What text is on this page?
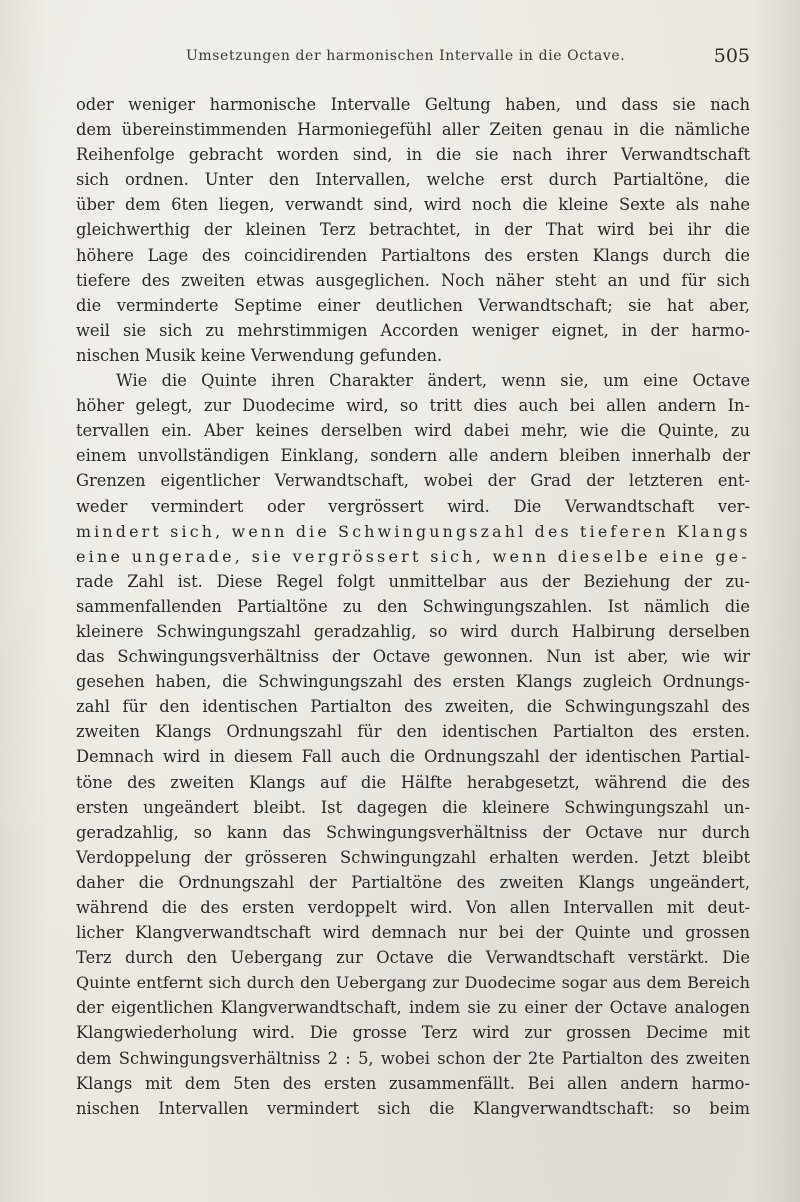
Umsetzungen der harmonischen Intervalle in die Octave.	505
oder weniger harmonische Intervalle Geltung haben, und dass sie nach
dem übereinstimmenden Harmoniegefühl aller Zeiten genau in die nämliche
Reihenfolge gebracht worden sind, in die sie nach ihrer Verwandtschaft
sich ordnen. Unter den Intervallen, welche erst durch Partialtöne, die
über dem 6ten liegen, verwandt sind, wird noch die kleine Sexte als nahe
gleichwerthig der kleinen Terz betrachtet, in der That wird bei ihr die
höhere Lage des coincidirenden Partialtons des ersten Klangs durch die
tiefere des zweiten etwas ausgeglichen. Noch näher steht an und für sich
die verminderte Septime einer deutlichen Verwandtschaft; sie hat aber,
weil sie sich zu mehrstimmigen Accorden weniger eignet, in der harmo-
nischen Musik keine Verwendung gefunden.
Wie die Quinte ihren Charakter ändert, wenn sie, um eine Octave
höher gelegt, zur Duodecime wird, so tritt dies auch bei allen andern In-
tervallen ein. Aber keines derselben wird dabei mehr, wie die Quinte, zu
einem unvollständigen Einklang, sondern alle andern bleiben innerhalb der
Grenzen eigentlicher Verwandtschaft, wobei der Grad der letzteren ent-
weder vermindert oder vergrössert wird. Die Verwandtschaft ver-
mindert sich, wenn die Schwingungszahl des tieferen Klangs
eine ungerade, sie vergrössert sich, wenn dieselbe eine ge-
rade Zahl ist. Diese Regel folgt unmittelbar aus der Beziehung der zu-
sammenfallenden Partialtöne zu den Schwingungszahlen. Ist nämlich die
kleinere Schwingungszahl geradzahlig, so wird durch Halbirung derselben
das Schwingungsverhältniss der Octave gewonnen. Nun ist aber, wie wir
gesehen haben, die Schwingungszahl des ersten Klangs zugleich Ordnungs-
zahl für den identischen Partialton des zweiten, die Schwingungszahl des
zweiten Klangs Ordnungszahl für den identischen Partialton des ersten.
Demnach wird in diesem Fall auch die Ordnungszahl der identischen Partial-
töne des zweiten Klangs auf die Hälfte herabgesetzt, während die des
ersten ungeändert bleibt. Ist dagegen die kleinere Schwingungszahl un-
geradzahlig, so kann das Schwingungsverhältniss der Octave nur durch
Verdoppelung der grösseren Schwingungzahl erhalten werden. Jetzt bleibt
daher die Ordnungszahl der Partialtöne des zweiten Klangs ungeändert,
während die des ersten verdoppelt wird. Von allen Intervallen mit deut-
licher Klangverwandtschaft wird demnach nur bei der Quinte und grossen
Terz durch den Uebergang zur Octave die Verwandtschaft verstärkt. Die
Quinte entfernt sich durch den Uebergang zur Duodecime sogar aus dem Bereich
der eigentlichen Klangverwandtschaft, indem sie zu einer der Octave analogen
Klangwiederholung wird. Die grosse Terz wird zur grossen Decime mit
dem Schwingungsverhältniss 2 : 5, wobei schon der 2te Partialton des zweiten
Klangs mit dem 5ten des ersten zusammenfällt. Bei allen andern harmo-
nischen Intervallen vermindert sich die Klangverwandtschaft: so beim
